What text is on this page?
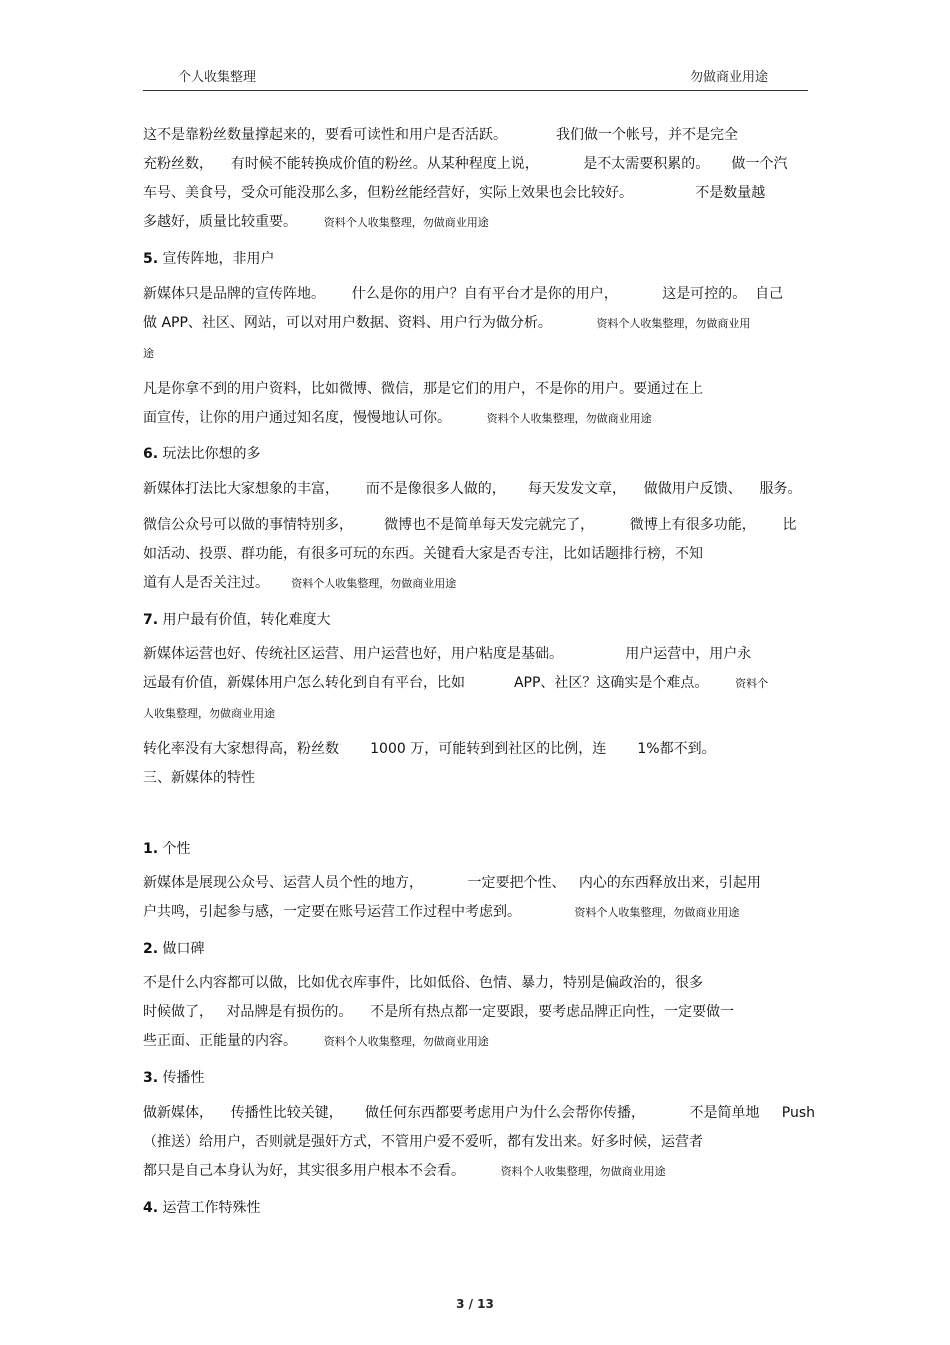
个人收集整理	勿做商业用途
这不是靠粉丝数量撑起来的，要看可读性和用户是否活跃。           我们做一个帐号，并不是完全
充粉丝数，    有时候不能转换成价值的粉丝。从某种程度上说，          是不太需要积累的。     做一个汽
车号、美食号，受众可能没那么多，但粉丝能经营好，实际上效果也会比较好。              不是数量越
多越好，质量比较重要。 资料个人收集整理，勿做商业用途
新媒体只是品牌的宣传阵地。      什么是你的用户？自有平台才是你的用户，          这是可控的。  自己
做 APP、社区、网站，可以对用户数据、资料、用户行为做分析。	资料个人收集整理，勿做商业用
途
凡是你拿不到的用户资料，比如微博、微信，那是它们的用户，不是你的用户。要通过在上
面宣传，让你的用户通过知名度，慢慢地认可你。	资料个人收集整理，勿做商业用途
新媒体打法比大家想象的丰富，      而不是像很多人做的，     每天发发文章，    做做用户反馈、    服务。
微信公众号可以做的事情特别多，       微博也不是简单每天发完就完了，        微博上有很多功能，      比
如活动、投票、群功能，有很多可玩的东西。关键看大家是否专注，比如话题排行榜，不知
道有人是否关注过。 资料个人收集整理，勿做商业用途
新媒体运营也好、传统社区运营、用户运营也好，用户粘度是基础。              用户运营中，用户永
远最有价值，新媒体用户怎么转化到自有平台，比如           APP、社区？这确实是个难点。 资料个
人收集整理，勿做商业用途
转化率没有大家想得高，粉丝数       1000 万，可能转到到社区的比例，连       1%都不到。
三、新媒体的特性
新媒体是展现公众号、运营人员个性的地方，          一定要把个性、   内心的东西释放出来，引起用
户共鸣，引起参与感，一定要在账号运营工作过程中考虑到。	资料个人收集整理，勿做商业用途
不是什么内容都可以做，比如优衣库事件，比如低俗、色情、暴力，特别是偏政治的，很多
时候做了，   对品牌是有损伤的。    不是所有热点都一定要跟，要考虑品牌正向性，一定要做一
些正面、正能量的内容。 资料个人收集整理，勿做商业用途
做新媒体，    传播性比较关键，     做任何东西都要考虑用户为什么会帮你传播，          不是简单地     Push
（推送）给用户，否则就是强奸方式，不管用户爱不爱听，都有发出来。好多时候，运营者
都只是自己本身认为好，其实很多用户根本不会看。	资料个人收集整理，勿做商业用途
5. 宣传阵地，非用户
6. 玩法比你想的多
7. 用户最有价值，转化难度大
1. 个性
2. 做口碑
3. 传播性
4. 运营工作特殊性
3 / 13
